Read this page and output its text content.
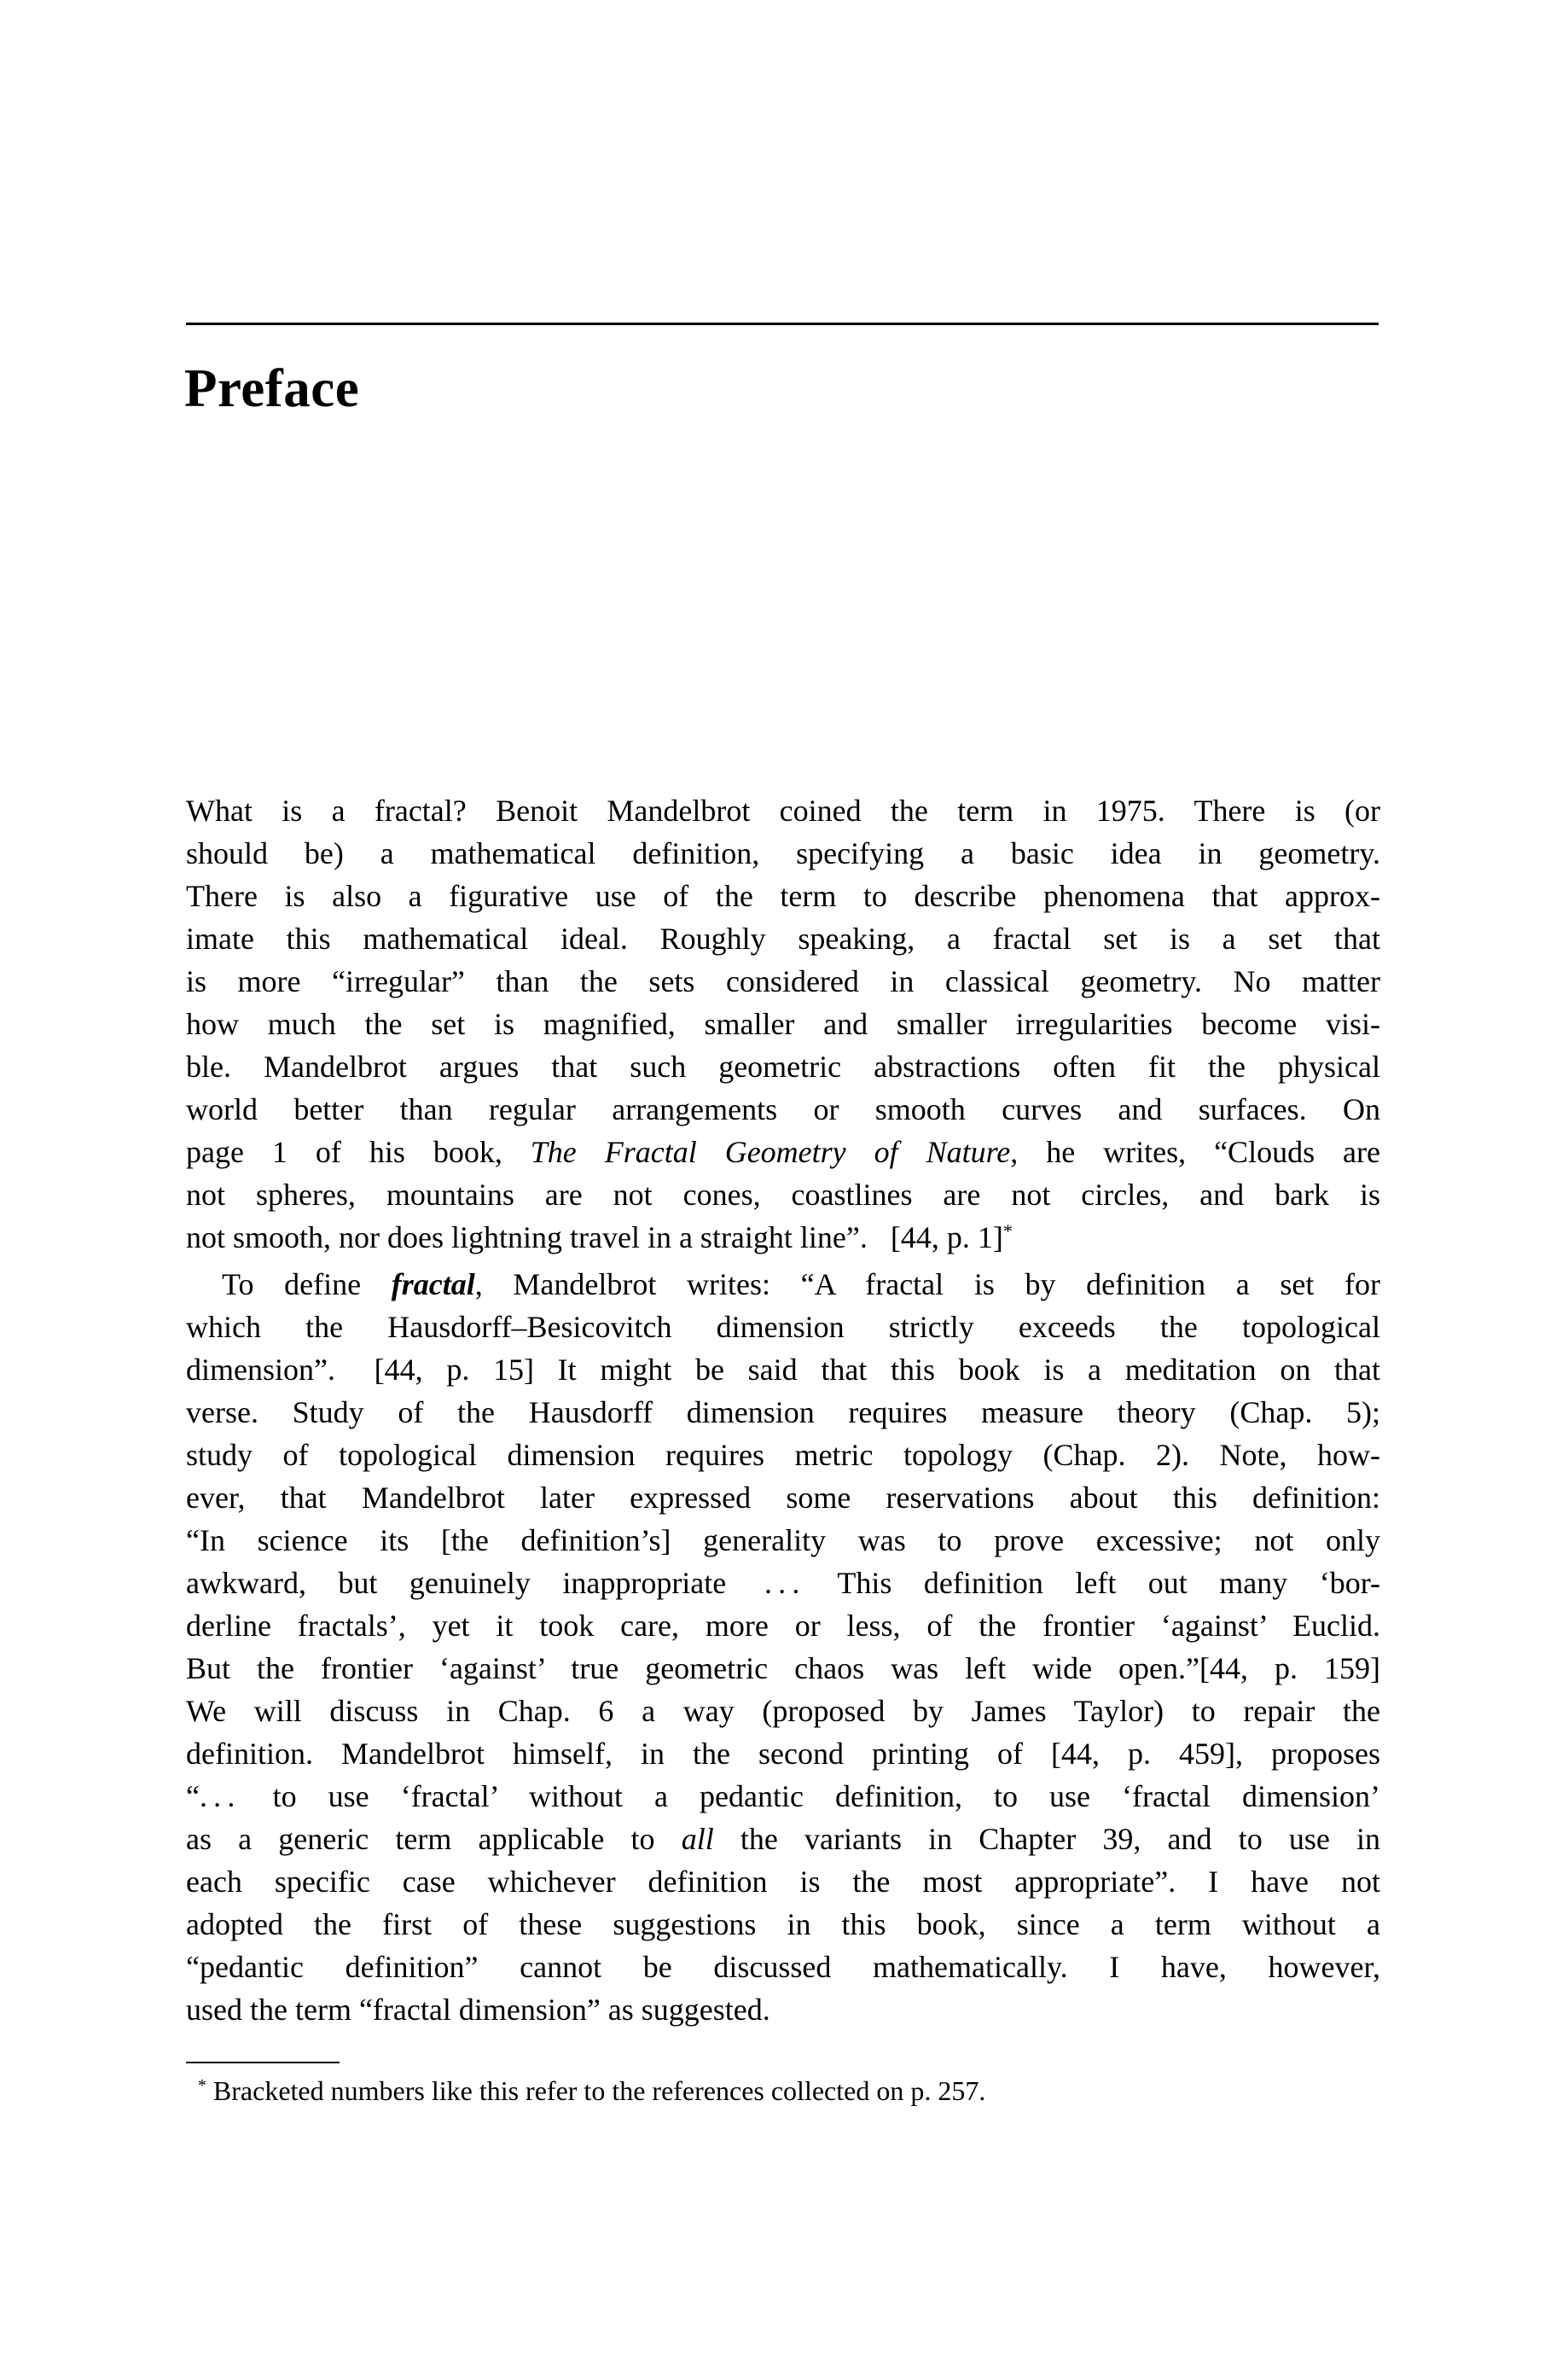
Preface
What is a fractal? Benoit Mandelbrot coined the term in 1975. There is (or
should be) a mathematical definition, specifying a basic idea in geometry.
There is also a figurative use of the term to describe phenomena that approx-
imate this mathematical ideal. Roughly speaking, a fractal set is a set that
is more “irregular” than the sets considered in classical geometry. No matter
how much the set is magnified, smaller and smaller irregularities become visi-
ble. Mandelbrot argues that such geometric abstractions often fit the physical
world better than regular arrangements or smooth curves and surfaces. On
page 1 of his book, The Fractal Geometry of Nature, he writes, “Clouds are
not spheres, mountains are not cones, coastlines are not circles, and bark is
not smooth, nor does lightning travel in a straight line”.  [44, p. 1]*
To define fractal, Mandelbrot writes: “A fractal is by definition a set for
which the Hausdorff–Besicovitch dimension strictly exceeds the topological
dimension”.  [44, p. 15] It might be said that this book is a meditation on that
verse. Study of the Hausdorff dimension requires measure theory (Chap. 5);
study of topological dimension requires metric topology (Chap. 2). Note, how-
ever, that Mandelbrot later expressed some reservations about this definition:
“In science its [the definition’s] generality was to prove excessive; not only
awkward, but genuinely inappropriate  . . .  This definition left out many ‘bor-
derline fractals’, yet it took care, more or less, of the frontier ‘against’ Euclid.
But the frontier ‘against’ true geometric chaos was left wide open.”[44, p. 159]
We will discuss in Chap. 6 a way (proposed by James Taylor) to repair the
definition. Mandelbrot himself, in the second printing of [44, p. 459], proposes
“. . .  to use ‘fractal’ without a pedantic definition, to use ‘fractal dimension’
as a generic term applicable to all the variants in Chapter 39, and to use in
each specific case whichever definition is the most appropriate”. I have not
adopted the first of these suggestions in this book, since a term without a
“pedantic definition” cannot be discussed mathematically. I have, however,
used the term “fractal dimension” as suggested.
* Bracketed numbers like this refer to the references collected on p. 257.
